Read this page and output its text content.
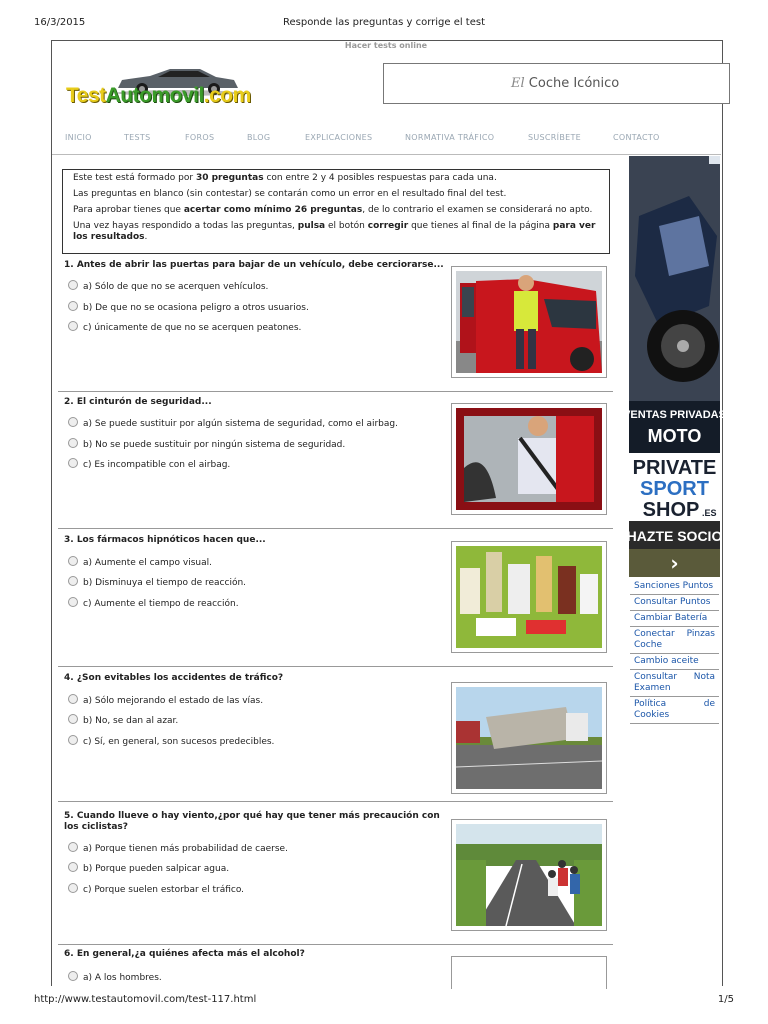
16/3/2015	Responde las preguntas y corrige el test
Hacer tests online
TestAutomovil.com
El Coche Icónico
INICIO	TESTS	FOROS	BLOG	EXPLICACIONES	NORMATIVA TRÁFICO	SUSCRÍBETE	CONTACTO

Este test está formado por 30 preguntas con entre 2 y 4 posibles respuestas para cada una.

Las preguntas en blanco (sin contestar) se contarán como un error en el resultado final del test.

Para aprobar tienes que acertar como mínimo 26 preguntas, de lo contrario el examen se considerará no apto.

Una vez hayas respondido a todas las preguntas, pulsa el botón corregir que tienes al final de la página para ver los resultados.

1. Antes de abrir las puertas para bajar de un vehículo, debe cerciorarse...
a) Sólo de que no se acerquen vehículos.
b) De que no se ocasiona peligro a otros usuarios.
c) únicamente de que no se acerquen peatones.
2. El cinturón de seguridad...
a) Se puede sustituir por algún sistema de seguridad, como el airbag.
b) No se puede sustituir por ningún sistema de seguridad.
c) Es incompatible con el airbag.
3. Los fármacos hipnóticos hacen que...
a) Aumente el campo visual.
b) Disminuya el tiempo de reacción.
c) Aumente el tiempo de reacción.
4. ¿Son evitables los accidentes de tráfico?
a) Sólo mejorando el estado de las vías.
b) No, se dan al azar.
c) Sí, en general, son sucesos predecibles.
5. Cuando llueve o hay viento,¿por qué hay que tener más precaución con los ciclistas?
a) Porque tienen más probabilidad de caerse.
b) Porque pueden salpicar agua.
c) Porque suelen estorbar el tráfico.
6. En general,¿a quiénes afecta más el alcohol?
a) A los hombres.
VENTAS PRIVADAS
MOTO
PRIVATE
SPORT
SHOP .ES
HAZTE SOCIO
›
Sanciones Puntos
Consultar Puntos
Cambiar Batería
Conectar Pinzas Coche
Cambio aceite
Consultar Nota Examen
Política de Cookies
http://www.testautomovil.com/test-117.html	1/5
